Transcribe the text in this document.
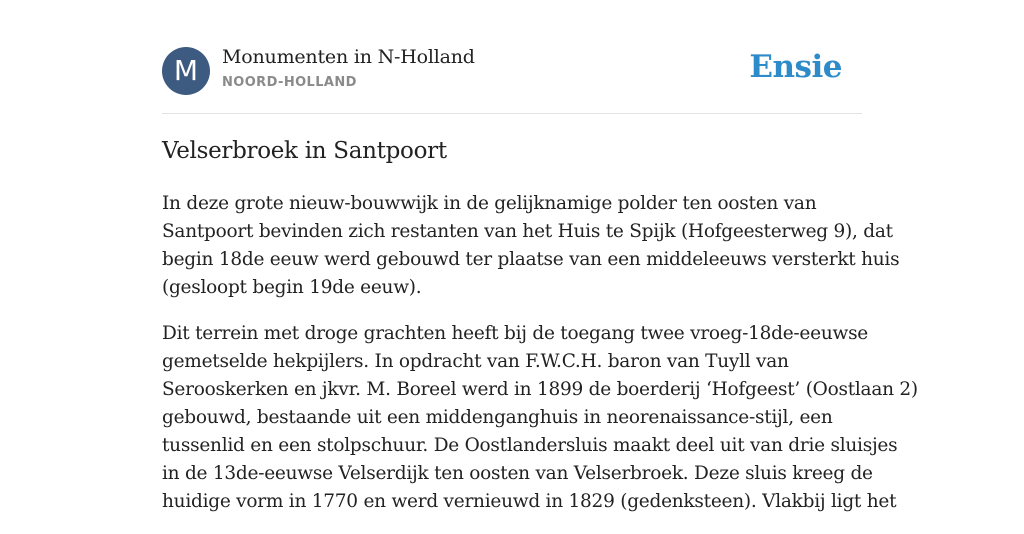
M	Monumenten in N-Holland
NOORD-HOLLAND	Ensie
Velserbroek in Santpoort

In deze grote nieuw-bouwwijk in de gelijknamige polder ten oosten van
Santpoort bevinden zich restanten van het Huis te Spijk (Hofgeesterweg 9), dat
begin 18de eeuw werd gebouwd ter plaatse van een middeleeuws versterkt huis
(gesloopt begin 19de eeuw).

Dit terrein met droge grachten heeft bij de toegang twee vroeg-18de-eeuwse
gemetselde hekpijlers. In opdracht van F.W.C.H. baron van Tuyll van
Serooskerken en jkvr. M. Boreel werd in 1899 de boerderij ‘Hofgeest’ (Oostlaan 2)
gebouwd, bestaande uit een middenganghuis in neorenaissance-stijl, een
tussenlid en een stolpschuur. De Oostlandersluis maakt deel uit van drie sluisjes
in de 13de-eeuwse Velserdijk ten oosten van Velserbroek. Deze sluis kreeg de
huidige vorm in 1770 en werd vernieuwd in 1829 (gedenksteen). Vlakbij ligt het
